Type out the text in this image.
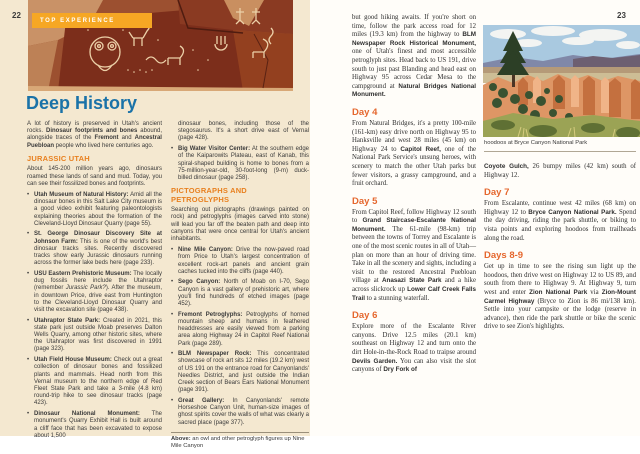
22	23
TOP EXPERIENCE
Deep History

A lot of history is preserved in Utah's ancient rocks. Dinosaur footprints and bones abound, alongside traces of the Fremont and Ancestral Puebloan people who lived here centuries ago.

JURASSIC UTAH

About 145-200 million years ago, dinosaurs roamed these lands of sand and mud. Today, you can see their fossilized bones and footprints.

• Utah Museum of Natural History: Amid all the dinosaur bones in this Salt Lake City museum is a good video exhibit featuring paleontologists explaining theories about the formation of the Cleveland-Lloyd Dinosaur Quarry (page 55).
• St. George Dinosaur Discovery Site at Johnson Farm: This is one of the world's best dinosaur tracks sites. Recently discovered tracks show early Jurassic dinosaurs running across the former lake beds here (page 233).
• USU Eastern Prehistoric Museum: The locally dug fossils here include the Utahraptor (remember Jurassic Park?). After the museum, in downtown Price, drive east from Huntington to the Cleveland-Lloyd Dinosaur Quarry and visit the excavation site (page 438).
• Utahraptor State Park: Created in 2021, this state park just outside Moab preserves Dalton Wells Quarry, among other historic sites, where the Utahraptor was first discovered in 1991 (page 323).
• Utah Field House Museum: Check out a great collection of dinosaur bones and fossilized plants and mammals. Head north from this Vernal museum to the northern edge of Red Fleet State Park and take a 3-mile (4.8 km) round-trip hike to see dinosaur tracks (page 423).
• Dinosaur National Monument: The monument's Quarry Exhibit Hall is built around a cliff face that has been excavated to expose about 1,500
dinosaur bones, including those of the stegosaurus. It's a short drive east of Vernal (page 428).
• Big Water Visitor Center: At the southern edge of the Kaiparowits Plateau, east of Kanab, this spiral-shaped building is home to bones from a 75-million-year-old, 30-foot-long (9-m) duck-billed dinosaur (page 258).
PICTOGRAPHS AND PETROGLYPHS

Searching out pictographs (drawings painted on rock) and petroglyphs (images carved into stone) will lead you far off the beaten path and deep into canyons that were once central for Utah's ancient inhabitants.

• Nine Mile Canyon: Drive the now-paved road from Price to Utah's largest concentration of excellent rock-art panels and ancient grain caches tucked into the cliffs (page 440).
• Sego Canyon: North of Moab on I-70, Sego Canyon is a vast gallery of prehistoric art, where you'll find hundreds of etched images (page 452).
• Fremont Petroglyphs: Petroglyphs of horned mountain sheep and humans in feathered headdresses are easily viewed from a parking area along Highway 24 in Capitol Reef National Park (page 289).
• BLM Newspaper Rock: This concentrated showcase of rock art sits 12 miles (19.2 km) west of US 191 on the entrance road for Canyonlands' Needles District, and just outside the Indian Creek section of Bears Ears National Monument (page 391).
• Great Gallery: In Canyonlands' remote Horseshoe Canyon Unit, human-size images of ghost spirits cover the walls of what was clearly a sacred place (page 377).

Above: an owl and other petroglyph figures up Nine Mile Canyon

but good hiking awaits. If you're short on time, follow the park access road for 12 miles (19.3 km) from the highway to BLM Newspaper Rock Historical Monument, one of Utah's finest and most accessible petroglyph sites. Head back to US 191, drive south to just past Blanding and head east on Highway 95 across Cedar Mesa to the campground at Natural Bridges National Monument.

Day 4

From Natural Bridges, it's a pretty 100-mile (161-km) easy drive north on Highway 95 to Hanksville and west 28 miles (45 km) on Highway 24 to Capitol Reef, one of the National Park Service's unsung heroes, with scenery to match the other Utah parks but fewer visitors, a grassy campground, and a fruit orchard.

Day 5

From Capitol Reef, follow Highway 12 south to Grand Staircase-Escalante National Monument. The 61-mile (98-km) trip between the towns of Torrey and Escalante is one of the most scenic routes in all of Utah—plan on more than an hour of driving time. Take in all the scenery and sights, including a visit to the restored Ancestral Puebloan village at Anasazi State Park and a hike across slickrock up Lower Calf Creek Falls Trail to a stunning waterfall.

Day 6

Explore more of the Escalante River canyons. Drive 12.5 miles (20.1 km) southeast on Highway 12 and turn onto the dirt Hole-in-the-Rock Road to traipse around Devils Garden. You can also visit the slot canyons of Dry Fork of

hoodoos at Bryce Canyon National Park

Coyote Gulch, 26 bumpy miles (42 km) south of Highway 12.

Day 7

From Escalante, continue west 42 miles (68 km) on Highway 12 to Bryce Canyon National Park. Spend the day driving, riding the park shuttle, or biking to vista points and exploring hoodoos from trailheads along the road.

Days 8-9

Get up in time to see the rising sun light up the hoodoos, then drive west on Highway 12 to US 89, and south from there to Highway 9. At Highway 9, turn west and enter Zion National Park via Zion-Mount Carmel Highway (Bryce to Zion is 86 mi/138 km). Settle into your campsite or the lodge (reserve in advance), then ride the park shuttle or bike the scenic drive to see Zion's highlights.
